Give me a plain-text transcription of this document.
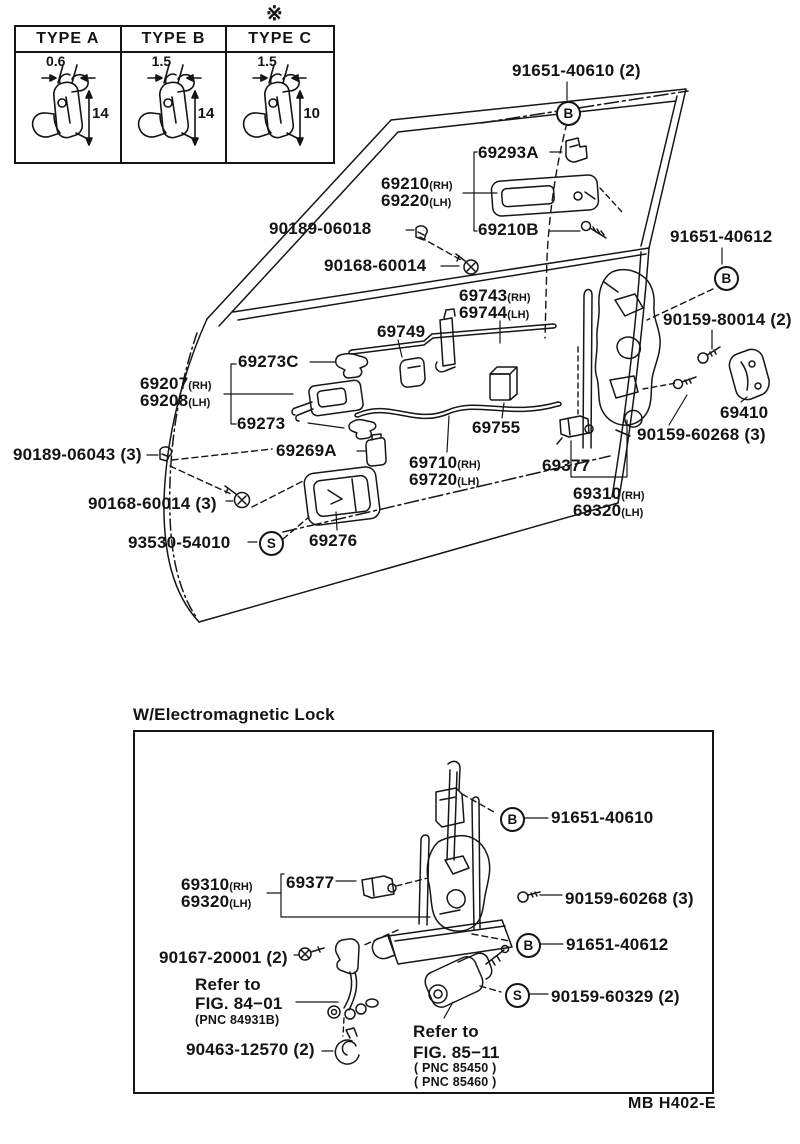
※
TYPE A
0.6
14
TYPE B
1.5
14
TYPE C
1.5
10
W/Electromagnetic Lock
91651-40610 (2)
B
69293A
69210(RH)
69220(LH)
69210B
90189-06018
90168-60014
91651-40612
B
69743(RH)
69744(LH)	90159-80014 (2)
69749
69273C
69207(RH)
69208(LH)
69273	69755
69410
90159-60268 (3)
90189-06043 (3)	69269A
69710(RH)
69720(LH)
69377
69310(RH)
69320(LH)
90168-60014 (3)
93530-54010	S	69276
B	91651-40610
69310(RH)
69320(LH)
69377
90159-60268 (3)
90167-20001 (2)
B	91651-40612
Refer to
FIG. 84−01
(PNC 84931B)
S	90159-60329 (2)
90463-12570 (2)
Refer to
FIG. 85−11
( PNC 85450 )
( PNC 85460 )
MB H402-E
